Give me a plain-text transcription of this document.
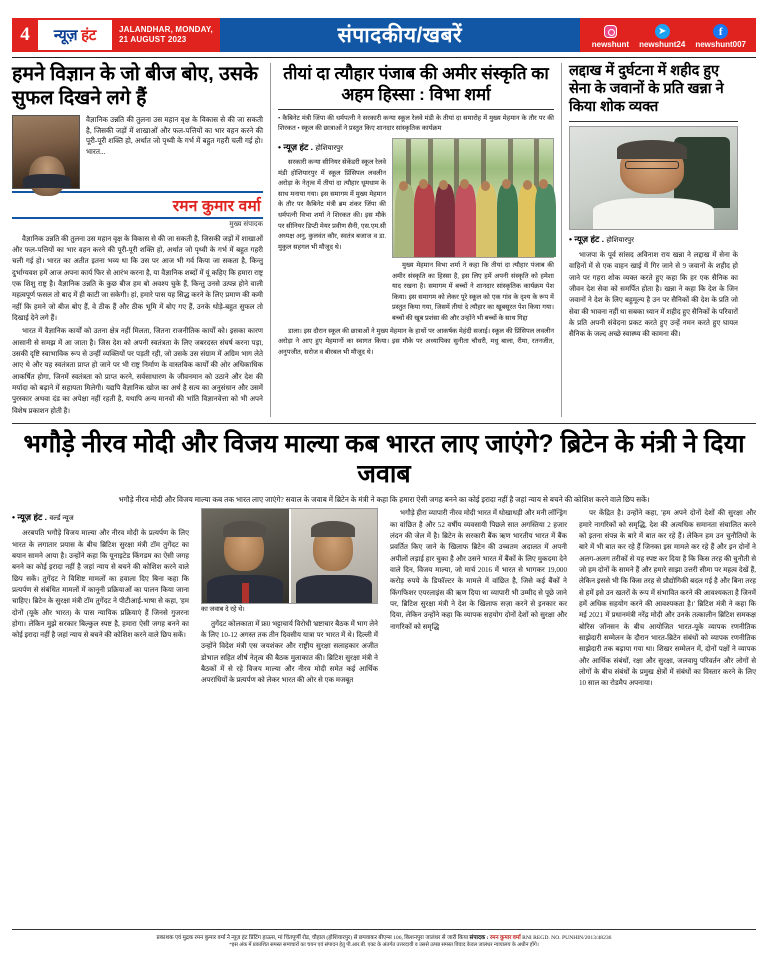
4	न्यूज़ हंट	JALANDHAR, MONDAY,
21 AUGUST 2023	संपादकीय/खबरें	newshunt
➤
newshunt24
f
newshunt007
हमने विज्ञान के जो बीज बोए, उसके सुफल दिखने लगे हैं
वैज्ञानिक उन्नति की तुलना उस महान वृक्ष के विकास से की जा सकती है, जिसकी जड़ों में शाखाओं और फल-पत्तियों का भार वहन करने की पूरी-पूरी शक्ति हो, अर्थात जो पृथ्वी के गर्भ में बहुत गहरी चली गई हो। भारत...
रमन कुमार वर्मा
मुख्य संपादक
वैज्ञानिक उन्नति की तुलना उस महान वृक्ष के विकास से की जा सकती है, जिसकी जड़ों में शाखाओं और फल-पत्तियों का भार वहन करने की पूरी-पूरी शक्ति हो, अर्थात जो पृथ्वी के गर्भ में बहुत गहरी चली गई हो। भारत का अतीत इतना भव्य था कि उस पर आज भी गर्व किया जा सकता है, किन्तु दुर्भाग्यवश हमें आज अपना कार्य फिर से आरंभ करना है, या वैज्ञानिक शब्दों में यूं कहिए कि हमारा राष्ट्र एक शिशु राष्ट्र है। वैज्ञानिक उन्नति के कुछ बीज हम बो अवश्य चुके हैं, किन्तु उनसे उत्पन्न होने वाली महत्वपूर्ण फसल तो बाद में ही काटी जा सकेगी। हां, हमारे पास यह सिद्ध करने के लिए प्रमाण की कमी नहीं कि हमने जो बीज बोए हैं, वे ठीक हैं और ठीक भूमि में बोए गए हैं, उनके थोड़े-बहुत सुफल तो दिखाई देने लगे हैं।
भारत में वैज्ञानिक कार्यों को उतना क्षेत्र नहीं मिलता, जितना राजनीतिक कार्यों को। इसका कारण आसानी से समझ में आ जाता है। जिस देश को अपनी स्वतंत्रता के लिए जबरदस्त संघर्ष करना पड़ा, उसकी दृष्टि स्वाभाविक रूप से उन्हीं व्यक्तियों पर पड़ती रही, जो उसके उस संग्राम में अग्रिम भाग लेते आए थे और यह स्वतंत्रता प्राप्त हो जाने पर भी राष्ट्र निर्माण के वास्तविक कार्यों की ओर अधिकाधिक आकर्षित होगा, जिनमें स्वतंत्रता को प्राप्त करने, सर्वसाधारण के जीवनमान को उठाने और देश की मर्यादा को बढ़ाने में सहायता मिलेगी। यद्यपि वैज्ञानिक खोज का अर्थ है सत्य का अनुसंधान और उसमें पुरस्कार अथवा दंड का अपेक्षा नहीं रहती है, यथापि अन्य मानवों की भांति विज्ञानवेत्ता को भी अपने विशेष प्रकाशन होती है।
तीयां दा त्यौहार पंजाब की अमीर संस्कृति का अहम हिस्सा : विभा शर्मा
• कैबिनेट मंत्री जिंपा की धर्मपत्नी ने सरकारी कन्या स्कूल रेलवे मंडी के तीयां दा समारोह में मुख्य मेहमान के तौर पर की शिरकत • स्कूल की छात्राओं ने प्रस्तुत किए शानदार सांस्कृतिक कार्यक्रम
• न्यूज़ हंट . होशियारपुर
सरकारी कन्या सीनियर सेकेंडरी स्कूल रेलवे मंडी होशियारपुर में स्कूल प्रिंसिपल लवलीन अरोड़ा के नेतृत्व में तीयां दा त्यौहार धूमधाम के साथ मनाया गया। इस समागम में मुख्य मेहमान के तौर पर कैबिनेट मंत्री ब्रम शंकर जिंपा की धर्मपत्नी विभा शर्मा ने शिरकत की। इस मौके पर सीनियर डिप्टी मेयर प्रवीण सैनी, एस.एम.सी अध्यक्ष अनु, कुलवंत कौर, स्वतंत्र बजाज व डा. मुकुल सहगल भी मौजूद थे।
मुख्य मेहमान विभा शर्मा ने कहा कि तीयां दा त्यौहार पंजाब की अमीर संस्कृति का हिस्सा है, इस लिए हमें अपनी संस्कृति को हमेशा याद रखना है। समागम में बच्चों ने शानदार सांस्कृतिक कार्यक्रम पेश किया। इस समागम को लेकर पूरे स्कूल को एक गांव के दृश्य के रूप में प्रस्तुत किया गया, जिसमें तीयां दे त्यौहार का खूबसूरत पेश किया गया। बच्चों की खूब प्रशंसा की और उन्होंने भी बच्चों के साथ गिद्दा
डाला। इस दौरान स्कूल की छात्राओं ने मुख्य मेहमान के हाथों पर आकर्षक मेहंदी सजाई। स्कूल की प्रिंसिपल लवलीन अरोड़ा ने आए हुए मेहमानों का स्वागत किया। इस मौके पर अध्यापिका सुनीता चौधरी, मधु बाला, रीमा, रतनजीत, अनुपजीत, सरोज व बीरबल भी मौजूद थे।
लद्दाख में दुर्घटना में शहीद हुए सेना के जवानों के प्रति खन्ना ने किया शोक व्यक्त
• न्यूज़ हंट . होशियारपुर
भाजपा के पूर्व सांसद अविनाश राय खन्ना ने लद्दाख में सेना के वाहिनों में से एक वाहन खाई में गिर जाने से 9 जवानों के शहीद हो जाने पर गहरा शोक व्यक्त करते हुए कहा कि हर एक सैनिक का जीवन देश सेवा को समर्पित होता है। खन्ना ने कहा कि देश के जिन जवानों ने देश के लिए बहुमूल्य है उन पर सैनिकों की देश के प्रति जो सेवा की भावना नहीं था सबका ध्यान में शहीद हुए सैनिकों के परिवारों के प्रति अपनी संवेदना प्रकट करते हुए उन्हें नमन करते हुए घायल सैनिक के जल्द अच्छे स्वास्थ्य की कामना की।
भगौड़े नीरव मोदी और विजय माल्या कब भारत लाए जाएंगे? ब्रिटेन के मंत्री ने दिया जवाब
भगौड़े नीरव मोदी और विजय माल्या कब तक भारत लाए जाएंगे? सवाल के जवाब में ब्रिटेन के मंत्री ने कहा कि हमारा ऐसी जगह बनने का कोई इरादा नहीं है जहां न्याय से बचने की कोशिश करने वाले छिप सकें।
• न्यूज़ हंट . वर्ल्ड न्यूज
अरबपति भगौड़े विजय माल्या और नीरव मोदी के प्रत्यर्पण के लिए भारत के लगातार प्रयास के बीच ब्रिटिश सुरक्षा मंत्री टॉम तुगेंदट का बयान सामने आया है। उन्होंने कहा कि यूनाइटेड किंगडम का ऐसी जगह बनने का कोई इरादा नहीं है जहां न्याय से बचने की कोशिश करने वाले छिप सकें। तुगेंदट ने विशिष्ट मामलों का हवाला दिए बिना कहा कि प्रत्यर्पण से संबंधित मामलों में कानूनी प्रक्रियाओं का पालन किया जाना चाहिए। ब्रिटेन के सुरक्षा मंत्री टॉम तुगेंदट ने पीटीआई-भाषा से कहा, 'हम दोनों (यूके और भारत) के पास न्यायिक प्रक्रियाएं हैं जिनसे गुजरना होगा। लेकिन मुझे सरकार बिल्कुल स्पष्ट है, हमारा ऐसी जगह बनने का कोई इरादा नहीं है जहां न्याय से बचने की कोशिश करने वाले छिप सकें।
का जवाब दे रहे थे।
तुगेंदट कोलकाता में फ्र0 भट्टाचार्य विरोधी भ्रष्टाचार बैठक में भाग लेने के लिए 10-12 अगस्त तक तीन दिवसीय यात्रा पर भारत में थे। दिल्ली में उन्होंने विदेश मंत्री एस जयशंकर और राष्ट्रीय सुरक्षा सलाहकार अजीत डोभाल सहित शीर्ष नेतृत्व की बैठक मुलाकात की। ब्रिटिश सुरक्षा मंत्री ने बैठकों में से रहे विजय माल्या और नीरव मोदी समेत कई आर्थिक अपराधियों के प्रत्यर्पण को लेकर भारत की ओर से एक मजबूत
भगौड़े हीरा व्यापारी नीरव मोदी भारत में धोखाधड़ी और मनी लॉन्ड्रिंग का वांछित है और 52 वर्षीय व्यवसायी पिछले सात अगस्तिया 2 हजार लंदन की जेल में है। ब्रिटेन के सरकारी बैंक ऋण भारतीय भारत में बैंक प्रवर्तित किए जाने के खिलाफ ब्रिटेन की उच्चतम अदालत में अपनी अपीलों लड़ाई हार चुका है और उसने भारत में बैंकों के लिए मुकदमा देने वाले दिन, विजय माल्या, जो मार्च 2016 में भारत से भागकर 19,000 करोड़ रुपये के डिफॉल्टर के मामले में वांछित है, जिसे कई बैंकों ने किंगफिशर एयरलाइंस की ऋण दिया था व्यापारी भी उम्मीद से पूछे जाने पर, ब्रिटिश सुरक्षा मंत्री ने देश के खिलाफ सज़ा करने से इनकार कर दिया, लेकिन उन्होंने कहा कि व्यापक सहयोग दोनों देशों को सुरक्षा और नागरिकों को समृद्धि
पर केंद्रित है। उन्होंने कहा, 'हम अपने दोनों देशों की सुरक्षा और हमारे नागरिकों को समृद्धि, देश की अत्यधिक समानता संचालित करने को इतना संपन्न के बारे में बात कर रहे हैं। लेकिन हम उन चुनौतियों के बारे में भी बात कर रहे हैं जिनका इस मामले कर रहे हैं और इन दोनों ने अलग-अलग तरीकों से यह स्पष्ट कर दिया है कि किस तरह की चुनौती से जो हम दोनों के सामने हैं और हमारे साझा उत्तरी सीमा पर महत्व देखें हैं, लेकिन इससे भी कि किस तरह से प्रौद्योगिकी बदल गई है और बिना तरह से हमें इसे उन खतरों के रूप में संभावित करने की आवश्यकता है जिनमें हमें अधिक सहयोग करने की आवश्यकता है।' ब्रिटिश मंत्री ने कहा कि मई 2021 में प्रधानमंत्री नरेंद्र मोदी और उनके तत्कालीन ब्रिटिश समकक्ष बोरिस जॉनसन के बीच आयोजित भारत-यूके व्यापक रणनीतिक साझेदारी सम्मेलन के दौरान भारत-ब्रिटेन संबंधों को व्यापक रणनीतिक साझेदारी तक बढ़ाया गया था। शिखर सम्मेलन में, दोनों पक्षों ने व्यापक और आर्थिक संबंधों, रक्षा और सुरक्षा, जलवायु परिवर्तन और लोगों से लोगों के बीच संबंधों के प्रमुख क्षेत्रों में संबंधों का विस्तार करने के लिए 10 साल का रोडमैप अपनाया।
प्रकाशक एवं मुद्रक रमन कुमार वर्मा ने न्यूज़ हंट प्रिंटिंग हाऊस, मां चिंतपूर्णी रोड, चौहाल (होशियारपुर) से छपवाकर बीएम्स 106, किशनपुरा जालंधर से जारी किया संपादक : रमन कुमार वर्मा RNI REGD. NO. PUNHIN/2013/48236
*इस अंक में प्रकाशित समस्त समाचारों का चयन एवं संपादन हेतु पी.आर.बी. एक्ट के अंतर्गत उत्तरदायी व उससे उत्पन्न समस्त विवाद केवल जालंधर न्यायालय के अधीन होंगे।
